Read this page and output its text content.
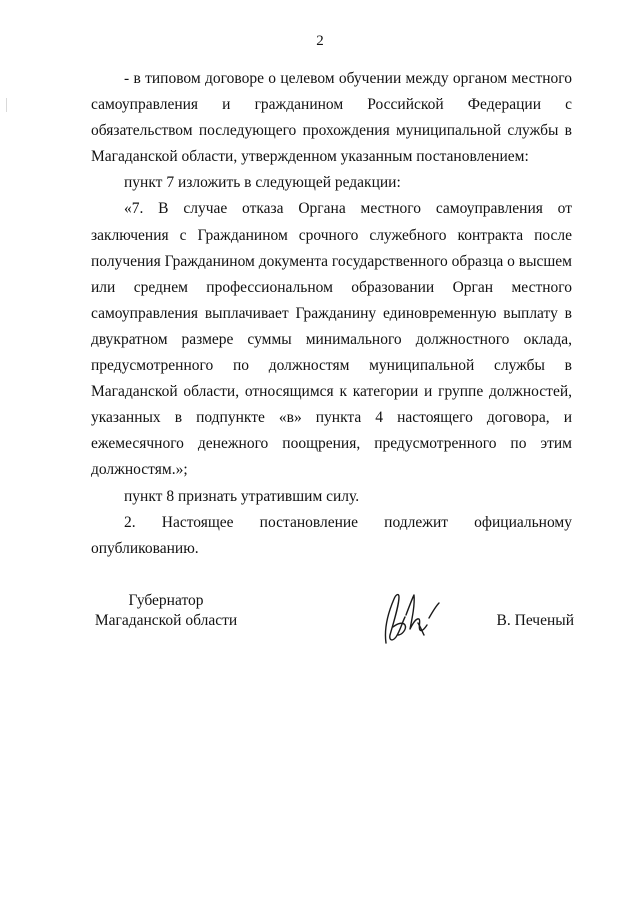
2

- в типовом договоре о целевом обучении между органом местного самоуправления и гражданином Российской Федерации с обязательством последующего прохождения муниципальной службы в Магаданской области, утвержденном указанным постановлением:

пункт 7 изложить в следующей редакции:

«7. В случае отказа Органа местного самоуправления от заключения с Гражданином срочного служебного контракта после получения Гражданином документа государственного образца о высшем или среднем профессиональном образовании Орган местного самоуправления выплачивает Гражданину единовременную выплату в двукратном размере суммы минимального должностного оклада, предусмотренного по должностям муниципальной службы в Магаданской области, относящимся к категории и группе должностей, указанных в подпункте «в» пункта 4 настоящего договора, и ежемесячного денежного поощрения, предусмотренного по этим должностям.»;

пункт 8 признать утратившим силу.

2. Настоящее постановление подлежит официальному опубликованию.

Губернатор
Магаданской области	В. Печеный
